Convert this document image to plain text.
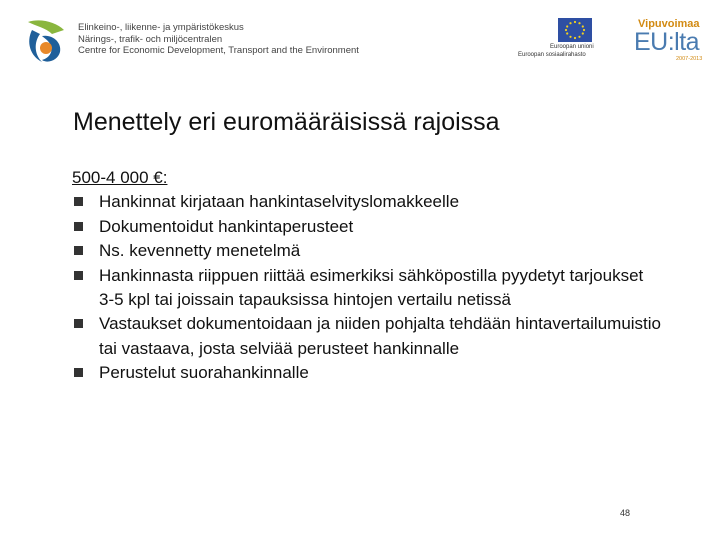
Elinkeino-, liikenne- ja ympäristökeskus
Närings-, trafik- och miljöcentralen
Centre for Economic Development, Transport and the Environment	Euroopan unioni
Euroopan sosiaalirahasto
Vipuvoimaa
EU:lta
2007-2013
Menettely eri euromääräisissä rajoissa

500-4 000 €:

Hankinnat kirjataan hankintaselvityslomakkeelle
Dokumentoidut hankintaperusteet
Ns. kevennetty menetelmä
Hankinnasta riippuen riittää esimerkiksi sähköpostilla pyydetyt tarjoukset 3-5 kpl tai joissain tapauksissa hintojen vertailu netissä
Vastaukset dokumentoidaan ja niiden pohjalta tehdään hintavertailumuistio tai vastaava, josta selviää perusteet hankinnalle
Perustelut suorahankinnalle
48
